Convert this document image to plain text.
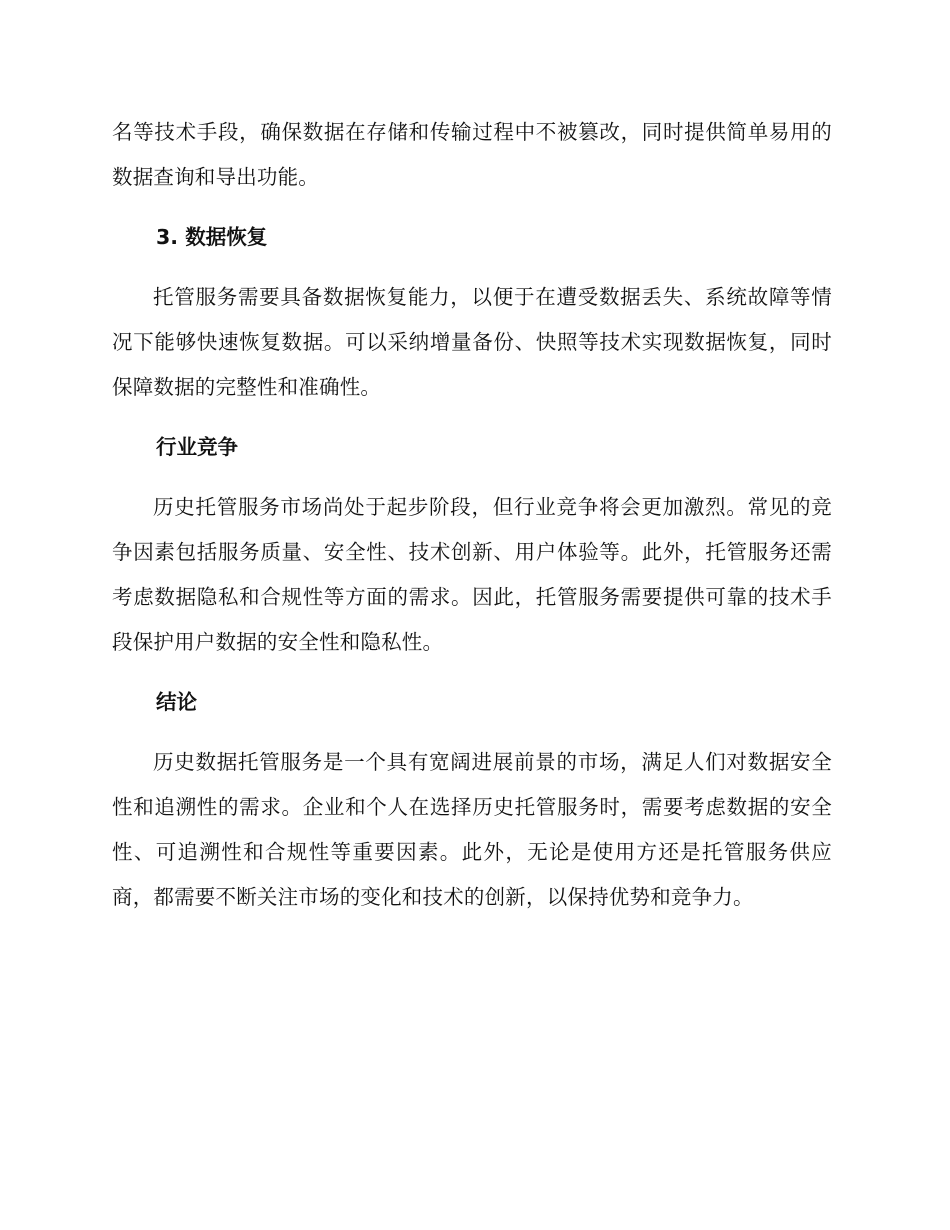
名等技术手段，确保数据在存储和传输过程中不被篡改，同时提供简单易用的数据查询和导出功能。

3. 数据恢复

托管服务需要具备数据恢复能力，以便于在遭受数据丢失、系统故障等情况下能够快速恢复数据。可以采纳增量备份、快照等技术实现数据恢复，同时保障数据的完整性和准确性。

行业竞争

历史托管服务市场尚处于起步阶段，但行业竞争将会更加激烈。常见的竞争因素包括服务质量、安全性、技术创新、用户体验等。此外，托管服务还需考虑数据隐私和合规性等方面的需求。因此，托管服务需要提供可靠的技术手段保护用户数据的安全性和隐私性。

结论

历史数据托管服务是一个具有宽阔进展前景的市场，满足人们对数据安全性和追溯性的需求。企业和个人在选择历史托管服务时，需要考虑数据的安全性、可追溯性和合规性等重要因素。此外，无论是使用方还是托管服务供应商，都需要不断关注市场的变化和技术的创新，以保持优势和竞争力。
